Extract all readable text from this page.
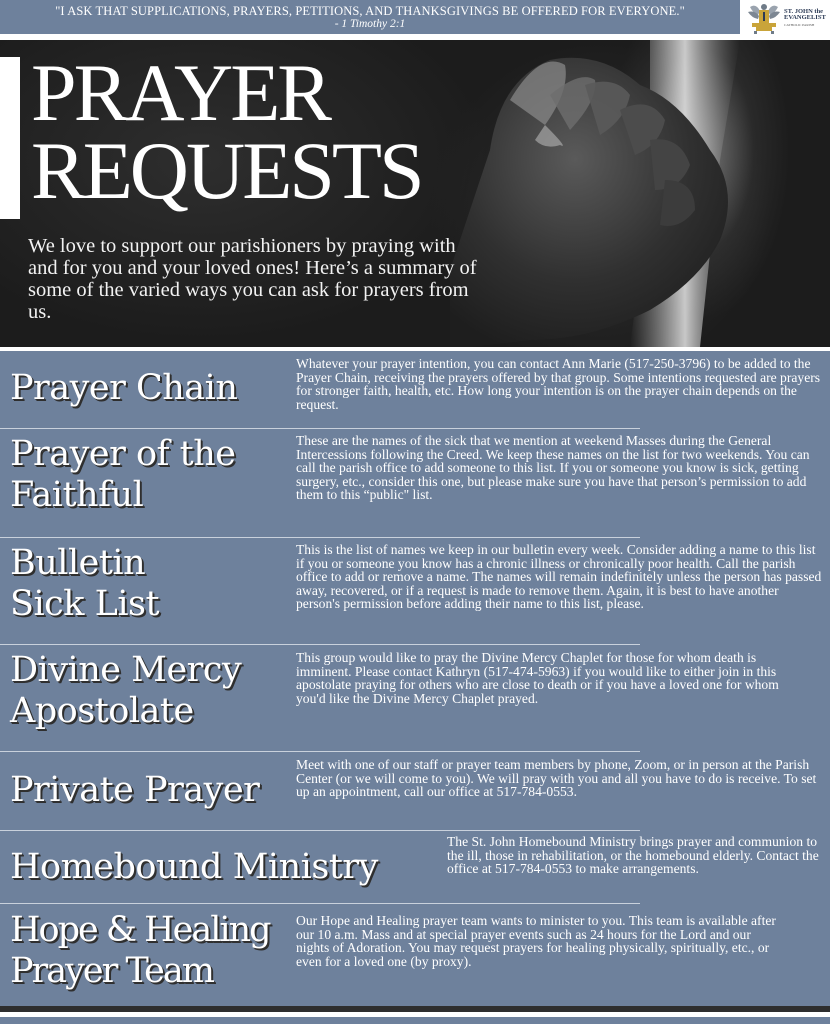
"I ASK THAT SUPPLICATIONS, PRAYERS, PETITIONS, AND THANKSGIVINGS BE OFFERED FOR EVERYONE."
- 1 Timothy 2:1
ST. JOHN the
EVANGELIST
CATHOLIC PARISH
PRAYER
REQUESTS

We love to support our parishioners by praying with and for you and your loved ones! Here’s a summary of some of the varied ways you can ask for prayers from us.

Prayer Chain
Whatever your prayer intention, you can contact Ann Marie (517-250-3796) to be added to the Prayer Chain, receiving the prayers offered by that group. Some intentions requested are prayers for stronger faith, health, etc. How long your intention is on the prayer chain depends on the request.
Prayer of the
Faithful
These are the names of the sick that we mention at weekend Masses during the General Intercessions following the Creed. We keep these names on the list for two weekends. You can call the parish office to add someone to this list. If you or someone you know is sick, getting surgery, etc., consider this one, but please make sure you have that person’s permission to add them to this “public" list.
Bulletin
Sick List
This is the list of names we keep in our bulletin every week. Consider adding a name to this list if you or someone you know has a chronic illness or chronically poor health. Call the parish office to add or remove a name. The names will remain indefinitely unless the person has passed away, recovered, or if a request is made to remove them. Again, it is best to have another person's permission before adding their name to this list, please.
Divine Mercy
Apostolate
This group would like to pray the Divine Mercy Chaplet for those for whom death is imminent. Please contact Kathryn (517-474-5963) if you would like to either join in this apostolate praying for others who are close to death or if you have a loved one for whom you'd like the Divine Mercy Chaplet prayed.
Private Prayer
Meet with one of our staff or prayer team members by phone, Zoom, or in person at the Parish Center (or we will come to you). We will pray with you and all you have to do is receive. To set up an appointment, call our office at 517-784-0553.
Homebound Ministry
The St. John Homebound Ministry brings prayer and communion to the ill, those in rehabilitation, or the homebound elderly. Contact the office at 517-784-0553 to make arrangements.
Hope & Healing
Prayer Team
Our Hope and Healing prayer team wants to minister to you. This team is available after our 10 a.m. Mass and at special prayer events such as 24 hours for the Lord and our nights of Adoration. You may request prayers for healing physically, spiritually, etc., or even for a loved one (by proxy).
